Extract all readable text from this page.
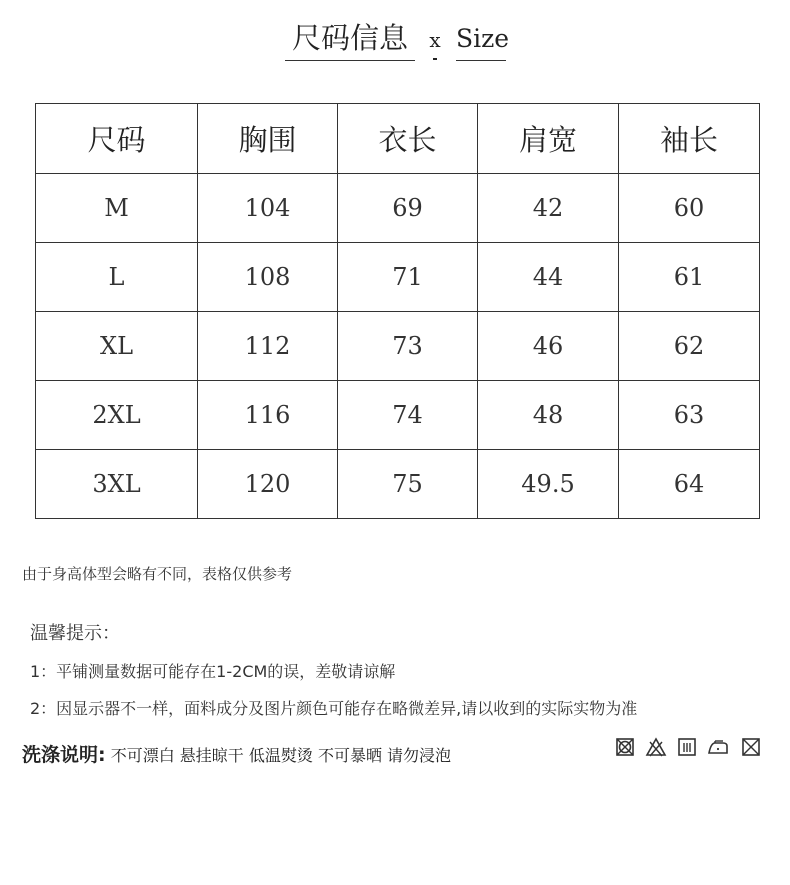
尺码信息	x Size
尺码	胸围	衣长	肩宽	袖长
M	104	69	42	60
L	108	71	44	61
XL	112	73	46	62
2XL	116	74	48	63
3XL	120	75	49.5	64
由于身高体型会略有不同，表格仅供参考
温馨提示：
1：平铺测量数据可能存在1-2CM的误，差敬请谅解
2：因显示器不一样，面料成分及图片颜色可能存在略微差异,请以收到的实际实物为准
洗涤说明: 不可漂白 悬挂晾干 低温熨烫 不可暴晒 请勿浸泡
